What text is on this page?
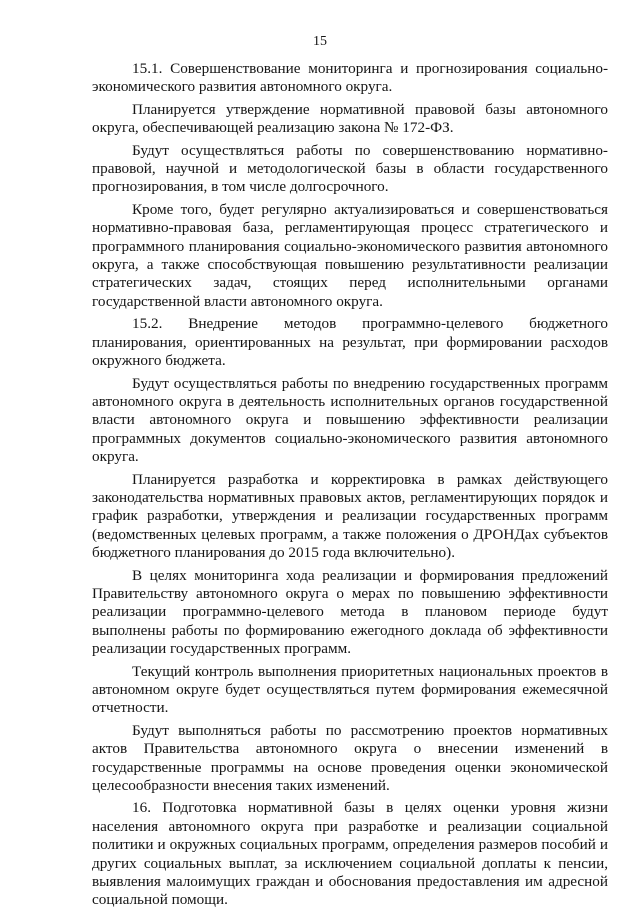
15

15.1. Совершенствование мониторинга и прогнозирования социально-экономического развития автономного округа.

Планируется утверждение нормативной правовой базы автономного округа, обеспечивающей реализацию закона № 172-ФЗ.

Будут осуществляться работы по совершенствованию нормативно-правовой, научной и методологической базы в области государственного прогнозирования, в том числе долгосрочного.

Кроме того, будет регулярно актуализироваться и совершенствоваться нормативно-правовая база, регламентирующая процесс стратегического и программного планирования социально-экономического развития автономного округа, а также способствующая повышению результативности реализации стратегических задач, стоящих перед исполнительными органами государственной власти автономного округа.

15.2. Внедрение методов программно-целевого бюджетного планирования, ориентированных на результат, при формировании расходов окружного бюджета.

Будут осуществляться работы по внедрению государственных программ автономного округа в деятельность исполнительных органов государственной власти автономного округа и повышению эффективности реализации программных документов социально-экономического развития автономного округа.

Планируется разработка и корректировка в рамках действующего законодательства нормативных правовых актов, регламентирующих порядок и график разработки, утверждения и реализации государственных программ (ведомственных целевых программ, а также положения о ДРОНДах субъектов бюджетного планирования до 2015 года включительно).

В целях мониторинга хода реализации и формирования предложений Правительству автономного округа о мерах по повышению эффективности реализации программно-целевого метода в плановом периоде будут выполнены работы по формированию ежегодного доклада об эффективности реализации государственных программ.

Текущий контроль выполнения приоритетных национальных проектов в автономном округе будет осуществляться путем формирования ежемесячной отчетности.

Будут выполняться работы по рассмотрению проектов нормативных актов Правительства автономного округа о внесении изменений в государственные программы на основе проведения оценки экономической целесообразности внесения таких изменений.

16. Подготовка нормативной базы в целях оценки уровня жизни населения автономного округа при разработке и реализации социальной политики и окружных социальных программ, определения размеров пособий и других социальных выплат, за исключением социальной доплаты к пенсии, выявления малоимущих граждан и обоснования предоставления им адресной социальной помощи.
